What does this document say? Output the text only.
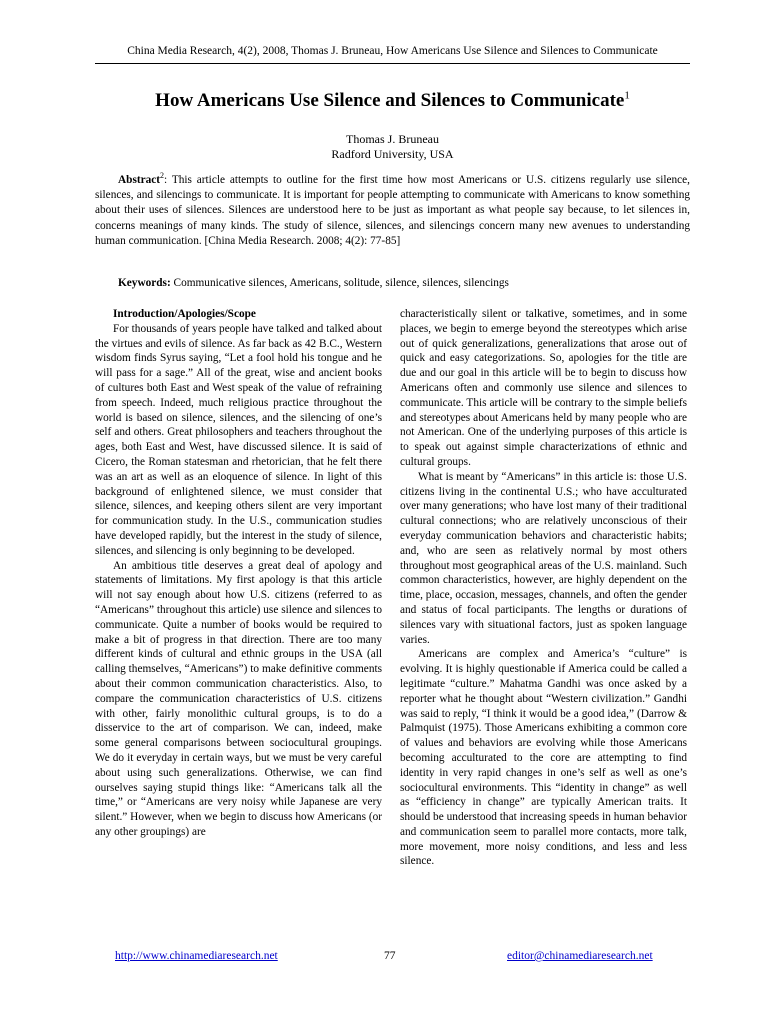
China Media Research, 4(2), 2008, Thomas J. Bruneau, How Americans Use Silence and Silences to Communicate
How Americans Use Silence and Silences to Communicate$^1$
Thomas J. Bruneau
Radford University, USA

Abstract$^2$: This article attempts to outline for the first time how most Americans or U.S. citizens regularly use silence, silences, and silencings to communicate. It is important for people attempting to communicate with Americans to know something about their uses of silences. Silences are understood here to be just as important as what people say because, to let silences in, concerns meanings of many kinds. The study of silence, silences, and silencings concern many new avenues to understanding human communication. [China Media Research. 2008; 4(2): 77-85]

Keywords: Communicative silences, Americans, solitude, silence, silences, silencings

Introduction/Apologies/Scope

For thousands of years people have talked and talked about the virtues and evils of silence. As far back as 42 B.C., Western wisdom finds Syrus saying, “Let a fool hold his tongue and he will pass for a sage.” All of the great, wise and ancient books of cultures both East and West speak of the value of refraining from speech. Indeed, much religious practice throughout the world is based on silence, silences, and the silencing of one’s self and others. Great philosophers and teachers throughout the ages, both East and West, have discussed silence. It is said of Cicero, the Roman statesman and rhetorician, that he felt there was an art as well as an eloquence of silence. In light of this background of enlightened silence, we must consider that silence, silences, and keeping others silent are very important for communication study. In the U.S., communication studies have developed rapidly, but the interest in the study of silence, silences, and silencing is only beginning to be developed.

An ambitious title deserves a great deal of apology and statements of limitations. My first apology is that this article will not say enough about how U.S. citizens (referred to as “Americans” throughout this article) use silence and silences to communicate. Quite a number of books would be required to make a bit of progress in that direction. There are too many different kinds of cultural and ethnic groups in the USA (all calling themselves, “Americans”) to make definitive comments about their common communication characteristics. Also, to compare the communication characteristics of U.S. citizens with other, fairly monolithic cultural groups, is to do a disservice to the art of comparison. We can, indeed, make some general comparisons between sociocultural groupings. We do it everyday in certain ways, but we must be very careful about using such generalizations. Otherwise, we can find ourselves saying stupid things like: “Americans talk all the time,” or “Americans are very noisy while Japanese are very silent.” However, when we begin to discuss how Americans (or any other groupings) are

characteristically silent or talkative, sometimes, and in some places, we begin to emerge beyond the stereotypes which arise out of quick generalizations, generalizations that arose out of quick and easy categorizations. So, apologies for the title are due and our goal in this article will be to begin to discuss how Americans often and commonly use silence and silences to communicate. This article will be contrary to the simple beliefs and stereotypes about Americans held by many people who are not American. One of the underlying purposes of this article is to speak out against simple characterizations of ethnic and cultural groups.

What is meant by “Americans” in this article is: those U.S. citizens living in the continental U.S.; who have acculturated over many generations; who have lost many of their traditional cultural connections; who are relatively unconscious of their everyday communication behaviors and characteristic habits; and, who are seen as relatively normal by most others throughout most geographical areas of the U.S. mainland. Such common characteristics, however, are highly dependent on the time, place, occasion, messages, channels, and often the gender and status of focal participants. The lengths or durations of silences vary with situational factors, just as spoken language varies.

Americans are complex and America’s “culture” is evolving. It is highly questionable if America could be called a legitimate “culture.” Mahatma Gandhi was once asked by a reporter what he thought about “Western civilization.” Gandhi was said to reply, “I think it would be a good idea,” (Darrow & Palmquist (1975). Those Americans exhibiting a common core of values and behaviors are evolving while those Americans becoming acculturated to the core are attempting to find identity in very rapid changes in one’s self as well as one’s sociocultural environments. This “identity in change” as well as “efficiency in change” are typically American traits. It should be understood that increasing speeds in human behavior and communication seem to parallel more contacts, more talk, more movement, more noisy conditions, and less and less silence.

http://www.chinamediaresearch.net	77	editor@chinamediaresearch.net
